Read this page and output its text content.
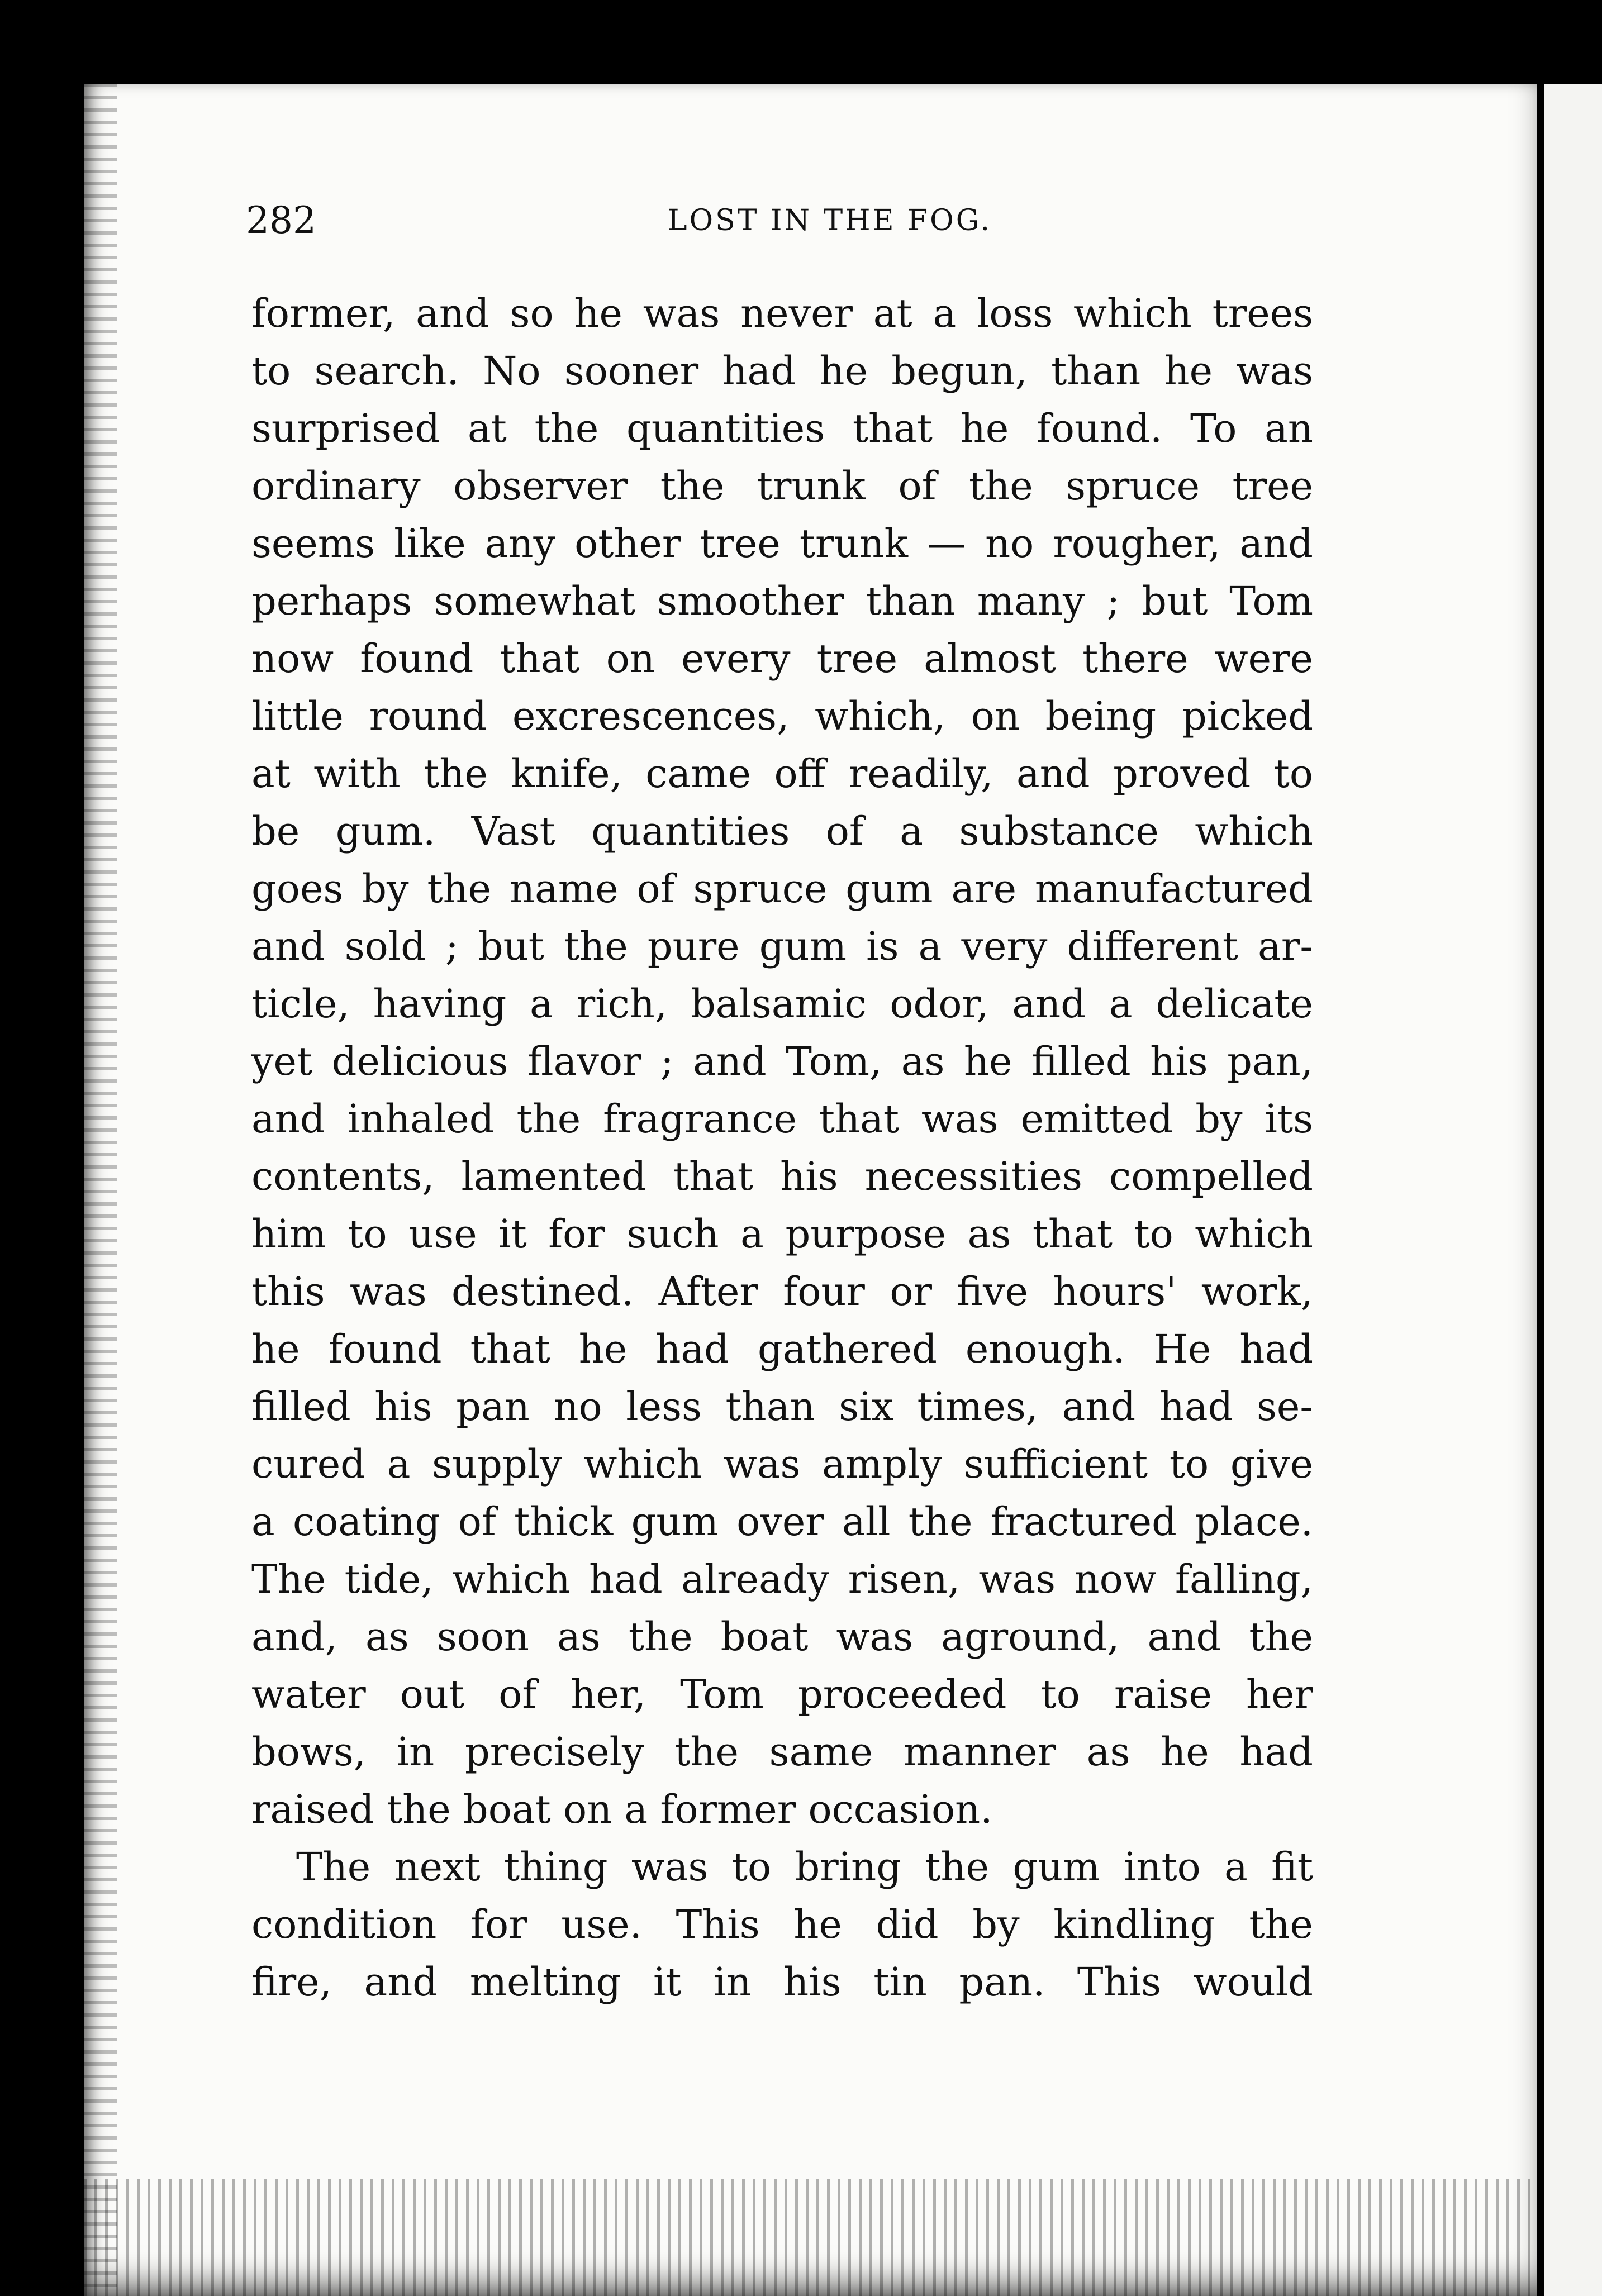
282	LOST IN THE FOG.
former, and so he was never at a loss which trees
to search. No sooner had he begun, than he was
surprised at the quantities that he found. To an
ordinary observer the trunk of the spruce tree
seems like any other tree trunk — no rougher, and
perhaps somewhat smoother than many ; but Tom
now found that on every tree almost there were
little round excrescences, which, on being picked
at with the knife, came off readily, and proved to
be gum. Vast quantities of a substance which
goes by the name of spruce gum are manufactured
and sold ; but the pure gum is a very different ar-
ticle, having a rich, balsamic odor, and a delicate
yet delicious flavor ; and Tom, as he filled his pan,
and inhaled the fragrance that was emitted by its
contents, lamented that his necessities compelled
him to use it for such a purpose as that to which
this was destined. After four or five hours' work,
he found that he had gathered enough. He had
filled his pan no less than six times, and had se-
cured a supply which was amply sufficient to give
a coating of thick gum over all the fractured place.
The tide, which had already risen, was now falling,
and, as soon as the boat was aground, and the
water out of her, Tom proceeded to raise her
bows, in precisely the same manner as he had
raised the boat on a former occasion.
The next thing was to bring the gum into a fit
condition for use. This he did by kindling the
fire, and melting it in his tin pan. This would
